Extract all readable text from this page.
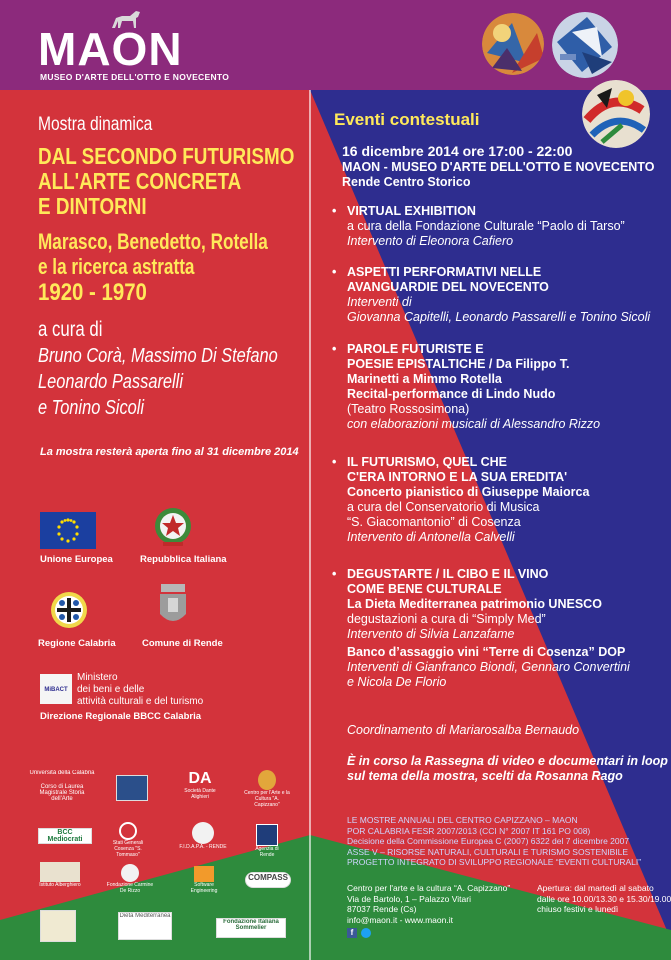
MAON
MUSEO D'ARTE DELL'OTTO E NOVECENTO
Mostra dinamica
DAL SECONDO FUTURISMO
ALL'ARTE CONCRETA
E DINTORNI
Marasco, Benedetto, Rotella
e la ricerca astratta
1920 - 1970
a cura di
Bruno Corà, Massimo Di Stefano
Leonardo Passarelli
e Tonino Sicoli
La mostra resterà aperta fino al 31 dicembre 2014
Unione Europea	Repubblica Italiana
Regione Calabria	Comune di Rende
MiBACT
Ministero
dei beni e delle
attività culturali e del turismo
Direzione Regionale BBCC Calabria
Università della Calabria
Corso di Laurea Magistrale Storia dell'Arte
DA
Società Dante Alighieri
Centro per l'Arte e la Cultura "A. Capizzano"
BCC Mediocrati	Stati Generali Cosenza "S. Tommaso"
F.I.D.A.P.A. - RENDE	Agenzia di Rende
Istituto Alberghiero	Fondazione Carmine De Rizzo
Software Engineering
COMPASS
Dieta Mediterranea
Fondazione Italiana Sommelier
Eventi contestuali
16 dicembre 2014 ore 17:00 - 22:00
MAON - MUSEO D'ARTE DELL'OTTO E NOVECENTO
Rende Centro Storico
• VIRTUAL EXHIBITION
a cura della Fondazione Culturale “Paolo di Tarso”
Intervento di Eleonora Cafiero
• ASPETTI PERFORMATIVI NELLE
AVANGUARDIE DEL NOVECENTO
Interventi di
Giovanna Capitelli, Leonardo Passarelli e Tonino Sicoli
• PAROLE FUTURISTE E
POESIE EPISTALTICHE / Da Filippo T.
Marinetti a Mimmo Rotella
Recital-performance di Lindo Nudo
(Teatro Rossosimona)
con elaborazioni musicali di Alessandro Rizzo
• IL FUTURISMO, QUEL CHE
C'ERA INTORNO E LA SUA EREDITA'
Concerto pianistico di Giuseppe Maiorca
a cura del Conservatorio di Musica
“S. Giacomantonio” di Cosenza
Intervento di Antonella Calvelli
• DEGUSTARTE / IL CIBO E IL VINO
COME BENE CULTURALE
La Dieta Mediterranea patrimonio UNESCO
degustazioni a cura di “Simply Med”
Intervento di Silvia Lanzafame
Banco d’assaggio vini “Terre di Cosenza” DOP
Interventi di Gianfranco Biondi, Gennaro Convertini
e Nicola De Florio
Coordinamento di Mariarosalba Bernaudo
È in corso la Rassegna di video e documentari in loop
sul tema della mostra, scelti da Rosanna Rago
LE MOSTRE ANNUALI DEL CENTRO CAPIZZANO – MAON
POR CALABRIA FESR 2007/2013 (CCI N° 2007 IT 161 PO 008)
Decisione della Commissione Europea C (2007) 6322 del 7 dicembre 2007
ASSE V – RISORSE NATURALI, CULTURALI E TURISMO SOSTENIBILE
PROGETTO INTEGRATO DI SVILUPPO REGIONALE “EVENTI CULTURALI”
Centro per l'arte e la cultura “A. Capizzano”
Via de Bartolo, 1 – Palazzo Vitari
87037 Rende (Cs)
info@maon.it - www.maon.it
Apertura: dal martedì al sabato
dalle ore 10.00/13.30 e 15.30/19.00
chiuso festivi e lunedì
f
